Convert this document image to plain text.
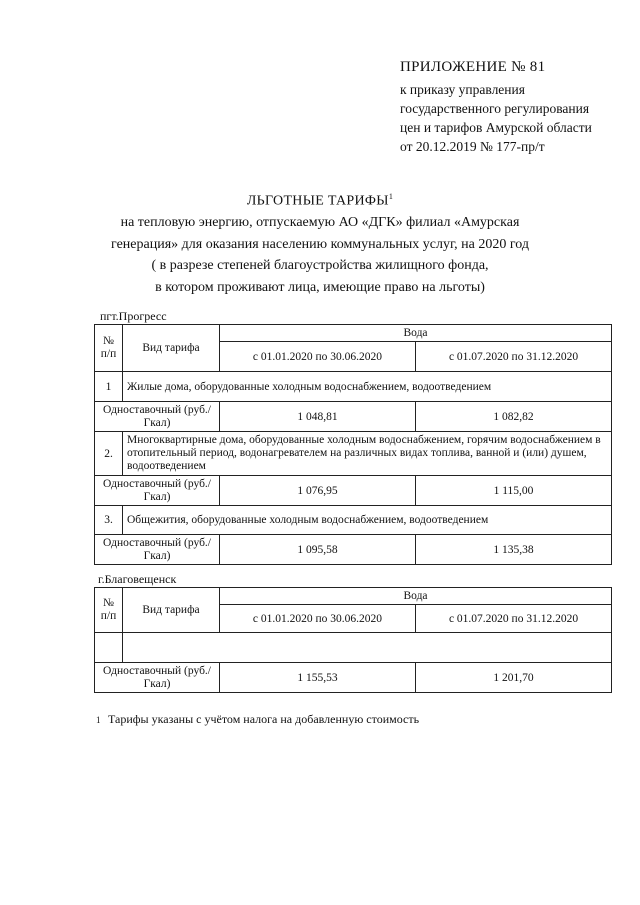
ПРИЛОЖЕНИЕ № 81
к приказу управления
государственного регулирования
цен и тарифов Амурской области
от 20.12.2019 № 177-пр/т
ЛЬГОТНЫЕ ТАРИФЫ$^1$
на тепловую энергию, отпускаемую АО «ДГК» филиал «Амурская
генерация» для оказания населению коммунальных услуг, на 2020 год
( в разрезе степеней благоустройства жилищного фонда,
в котором проживают лица, имеющие право на льготы)
пгт.Прогресс
№ п/п	Вид тарифа	Вода	
		с 01.01.2020 по 30.06.2020	с 01.07.2020 по 31.12.2020
1	Жилые дома, оборудованные холодным водоснабжением, водоотведением		
Одноставочный (руб./Гкал)		1 048,81	1 082,82
2.	Многоквартирные дома, оборудованные холодным водоснабжением, горячим водоснабжением в отопительный период, водонагревателем на различных видах топлива, ванной и (или) душем, водоотведением		
Одноставочный (руб./Гкал)		1 076,95	1 115,00
3.	Общежития, оборудованные холодным водоснабжением, водоотведением		
Одноставочный (руб./Гкал)		1 095,58	1 135,38
г.Благовещенск
№ п/п	Вид тарифа	Вода	
		с 01.01.2020 по 30.06.2020	с 01.07.2020 по 31.12.2020

Одноставочный (руб./Гкал)		1 155,53	1 201,70
1 Тарифы указаны с учётом налога на добавленную стоимость
